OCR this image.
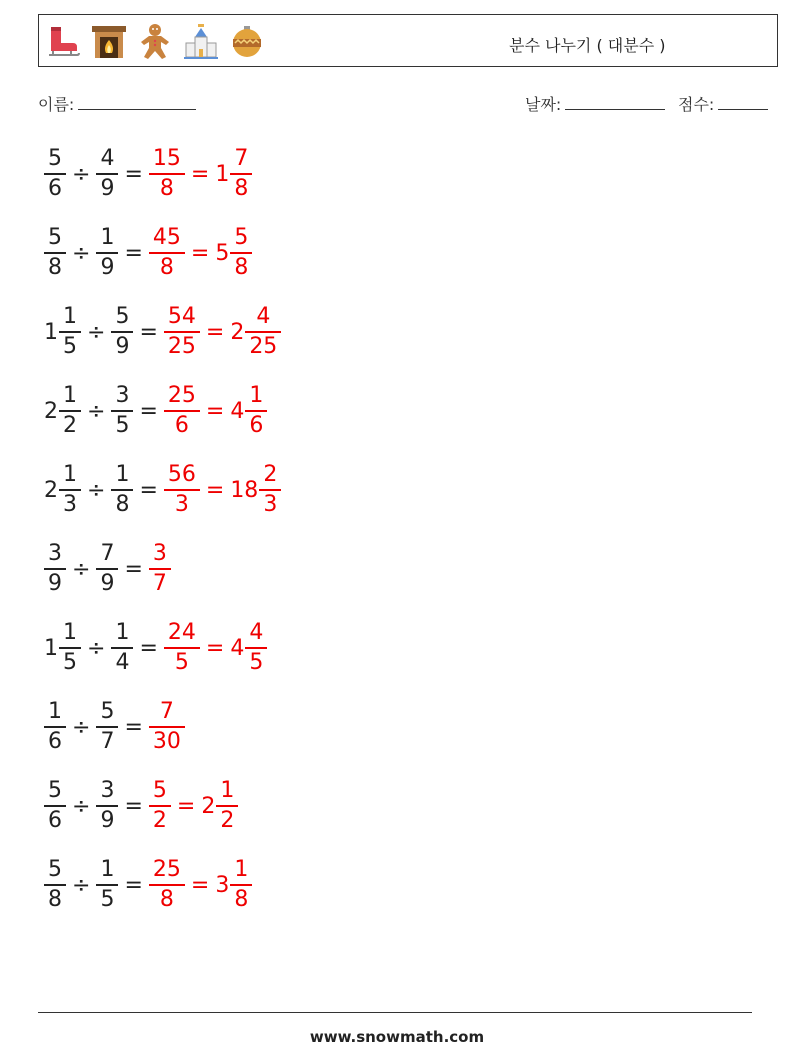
분수 나누기 ( 대분수 )
이름:	날짜:	점수:
$\frac{5}{6} \div \frac{4}{9} = \frac{15}{8} = 1 \frac{7}{8}$
$\frac{5}{8} \div \frac{1}{9} = \frac{45}{8} = 5 \frac{5}{8}$
$1 \frac{1}{5} \div \frac{5}{9} = \frac{54}{25} = 2 \frac{4}{25}$
$2 \frac{1}{2} \div \frac{3}{5} = \frac{25}{6} = 4 \frac{1}{6}$
$2 \frac{1}{3} \div \frac{1}{8} = \frac{56}{3} = 18 \frac{2}{3}$
$\frac{3}{9} \div \frac{7}{9} = \frac{3}{7}$
$1 \frac{1}{5} \div \frac{1}{4} = \frac{24}{5} = 4 \frac{4}{5}$
$\frac{1}{6} \div \frac{5}{7} = \frac{7}{30}$
$\frac{5}{6} \div \frac{3}{9} = \frac{5}{2} = 2 \frac{1}{2}$
$\frac{5}{8} \div \frac{1}{5} = \frac{25}{8} = 3 \frac{1}{8}$
www.snowmath.com
